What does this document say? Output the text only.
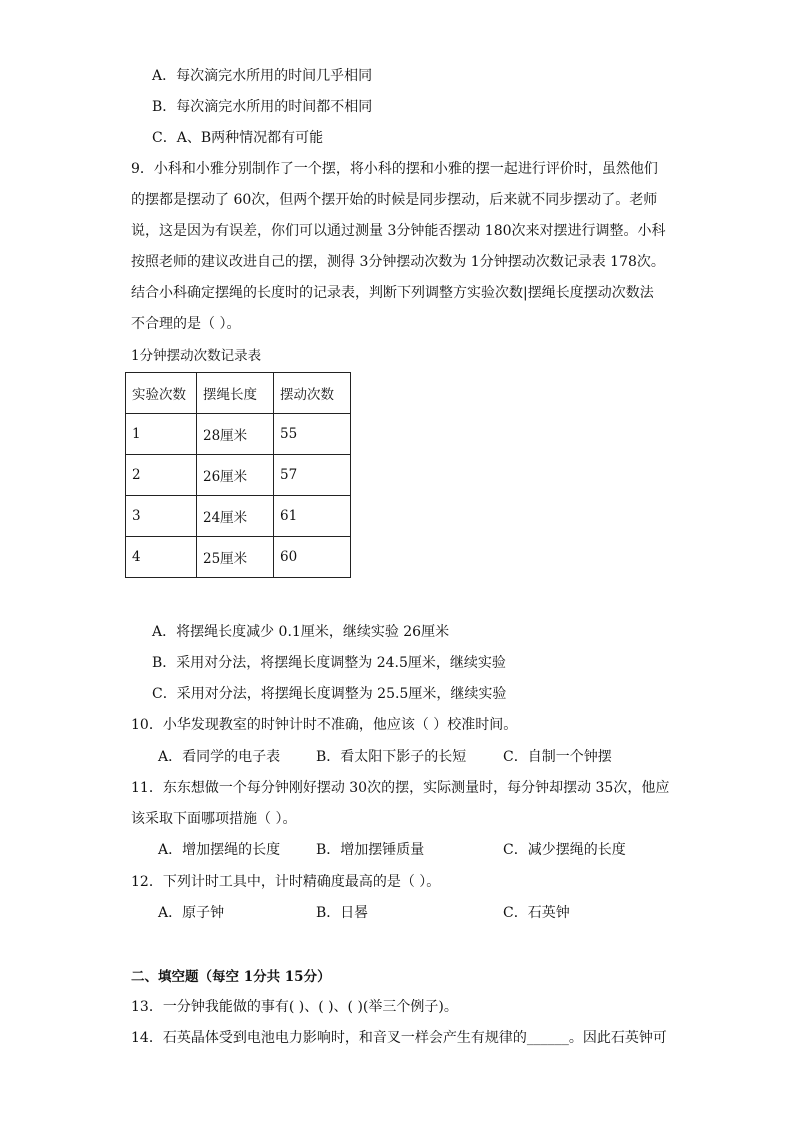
A．每次滴完水所用的时间几乎相同
B．每次滴完水所用的时间都不相同
C．A、B两种情况都有可能
9．小科和小雅分别制作了一个摆，将小科的摆和小雅的摆一起进行评价时，虽然他们
的摆都是摆动了 60次，但两个摆开始的时候是同步摆动，后来就不同步摆动了。老师
说，这是因为有误差，你们可以通过测量 3分钟能否摆动 180次来对摆进行调整。小科
按照老师的建议改进自己的摆，测得 3分钟摆动次数为 1分钟摆动次数记录表 178次。
结合小科确定摆绳的长度时的记录表，判断下列调整方实验次数|摆绳长度摆动次数法
不合理的是（ ）。
1分钟摆动次数记录表
实验次数	摆绳长度	摆动次数
1	28厘米	55
2	26厘米	57
3	24厘米	61
4	25厘米	60
A．将摆绳长度减少 0.1厘米，继续实验 26厘米
B．采用对分法，将摆绳长度调整为 24.5厘米，继续实验
C．采用对分法，将摆绳长度调整为 25.5厘米，继续实验
10．小华发现教室的时钟计时不准确，他应该（ ）校准时间。
A．看同学的电子表	B．看太阳下影子的长短	C．自制一个钟摆
11．东东想做一个每分钟刚好摆动 30次的摆，实际测量时，每分钟却摆动 35次，他应
该采取下面哪项措施（ ）。
A．增加摆绳的长度	B．增加摆锤质量	C．减少摆绳的长度
12．下列计时工具中，计时精确度最高的是（ ）。
A．原子钟	B．日晷	C．石英钟
二、填空题（每空 1分共 15分）
13．一分钟我能做的事有( )、( )、( )(举三个例子)。
14．石英晶体受到电池电力影响时，和音叉一样会产生有规律的______。因此石英钟可
